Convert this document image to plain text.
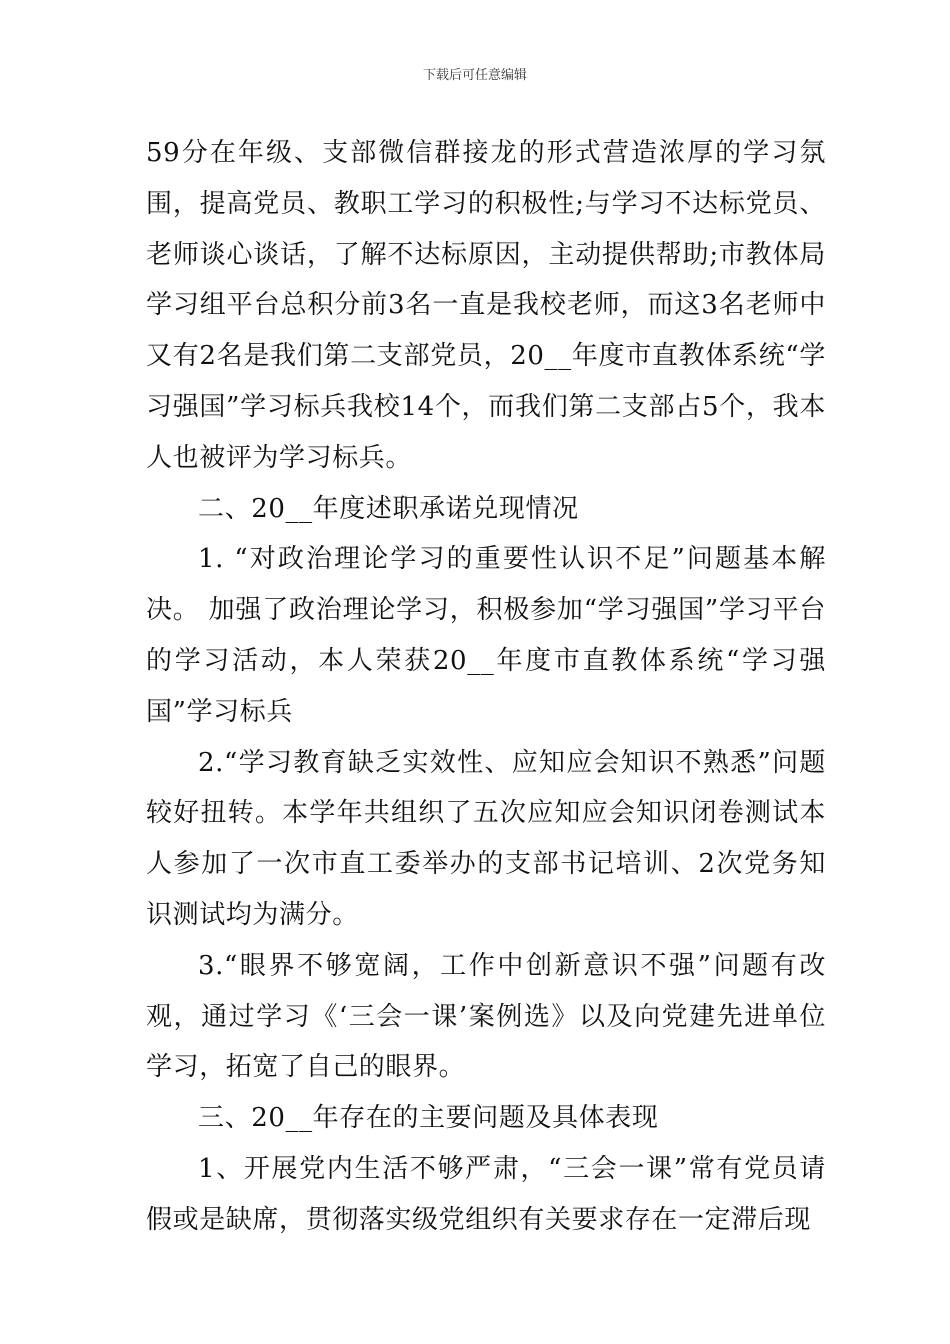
下载后可任意编辑

59分在年级、支部微信群接龙的形式营造浓厚的学习氛围，提高党员、教职工学习的积极性;与学习不达标党员、老师谈心谈话，了解不达标原因，主动提供帮助;市教体局学习组平台总积分前3名一直是我校老师，而这3名老师中又有2名是我们第二支部党员，20__年度市直教体系统“学习强国”学习标兵我校14个，而我们第二支部占5个，我本人也被评为学习标兵。

二、20__年度述职承诺兑现情况

1. “对政治理论学习的重要性认识不足”问题基本解决。 加强了政治理论学习，积极参加“学习强国”学习平台的学习活动，本人荣获20__年度市直教体系统“学习强国”学习标兵

2.“学习教育缺乏实效性、应知应会知识不熟悉”问题较好扭转。本学年共组织了五次应知应会知识闭卷测试本人参加了一次市直工委举办的支部书记培训、2次党务知识测试均为满分。

3.“眼界不够宽阔，工作中创新意识不强”问题有改观，通过学习《‘三会一课’案例选》以及向党建先进单位学习，拓宽了自己的眼界。

三、20__年存在的主要问题及具体表现

1、开展党内生活不够严肃，“三会一课”常有党员请假或是缺席，贯彻落实级党组织有关要求存在一定滞后现
